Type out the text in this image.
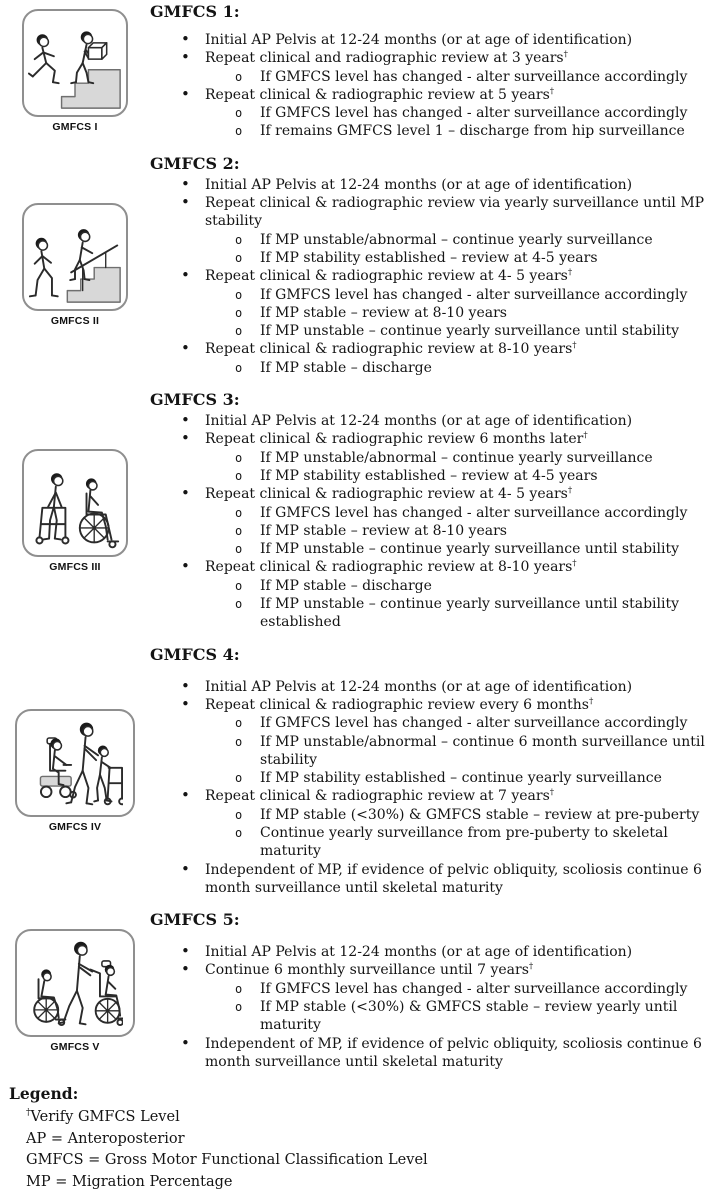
GMFCS I
GMFCS 1:
• Initial AP Pelvis at 12-24 months (or at age of identification)
• Repeat clinical and radiographic review at 3 years†
o If GMFCS level has changed - alter surveillance accordingly
• Repeat clinical & radiographic review at 5 years†
o If GMFCS level has changed - alter surveillance accordingly
o If remains GMFCS level 1 – discharge from hip surveillance
GMFCS II
GMFCS 2:
• Initial AP Pelvis at 12-24 months (or at age of identification)
• Repeat clinical & radiographic review via yearly surveillance until MP stability
o If MP unstable/abnormal – continue yearly surveillance
o If MP stability established – review at 4-5 years
• Repeat clinical & radiographic review at 4- 5 years†
o If GMFCS level has changed - alter surveillance accordingly
o If MP stable – review at 8-10 years
o If MP unstable – continue yearly surveillance until stability
• Repeat clinical & radiographic review at 8-10 years†
o If MP stable – discharge
GMFCS III
GMFCS 3:
• Initial AP Pelvis at 12-24 months (or at age of identification)
• Repeat clinical & radiographic review 6 months later†
o If MP unstable/abnormal – continue yearly surveillance
o If MP stability established – review at 4-5 years
• Repeat clinical & radiographic review at 4- 5 years†
o If GMFCS level has changed - alter surveillance accordingly
o If MP stable – review at 8-10 years
o If MP unstable – continue yearly surveillance until stability
• Repeat clinical & radiographic review at 8-10 years†
o If MP stable – discharge
o If MP unstable – continue yearly surveillance until stability established
GMFCS IV
GMFCS 4:
• Initial AP Pelvis at 12-24 months (or at age of identification)
• Repeat clinical & radiographic review every 6 months†
o If GMFCS level has changed - alter surveillance accordingly
o If MP unstable/abnormal – continue 6 month surveillance until stability
o If MP stability established – continue yearly surveillance
• Repeat clinical & radiographic review at 7 years†
o If MP stable (<30%) & GMFCS stable – review at pre-puberty
o Continue yearly surveillance from pre-puberty to skeletal maturity
• Independent of MP, if evidence of pelvic obliquity, scoliosis continue 6 month surveillance until skeletal maturity
GMFCS V
GMFCS 5:
• Initial AP Pelvis at 12-24 months (or at age of identification)
• Continue 6 monthly surveillance until 7 years†
o If GMFCS level has changed - alter surveillance accordingly
o If MP stable (<30%) & GMFCS stable – review yearly until maturity
• Independent of MP, if evidence of pelvic obliquity, scoliosis continue 6 month surveillance until skeletal maturity
Legend:
†Verify GMFCS Level
AP = Anteroposterior
GMFCS = Gross Motor Functional Classification Level
MP = Migration Percentage
